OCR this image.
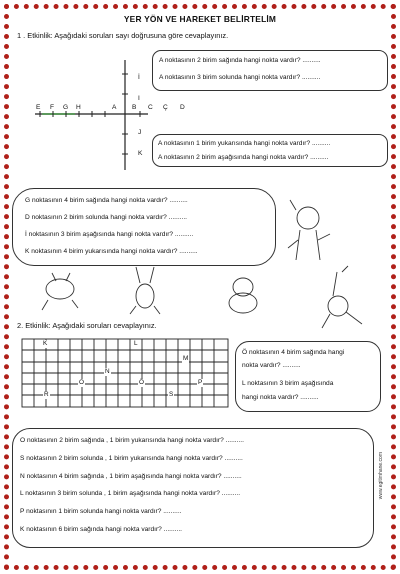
YER YÖN VE HAREKET BELİRTELİM
1 . Etkinlik: Aşağıdaki soruları sayı doğrusuna göre cevaplayınız.
İ
I
J
K
E F G H	A B C Ç D
A noktasının 2 birim sağında hangi nokta vardır? ..........
A noktasının 3 birim solunda hangi nokta vardır? ..........
A noktasının 1 birim yukarısında hangi nokta vardır? ..........
A noktasının 2 birim aşağısında hangi nokta vardır? ..........
G noktasının 4 birim sağında hangi nokta vardır? ..........
D noktasının 2 birim solunda hangi nokta vardır? ..........
İ noktasının 3 birim aşağısında hangi nokta vardır? ..........
K noktasının 4 birim yukarısında hangi nokta vardır? ..........
2. Etkinlik: Aşağıdaki soruları cevaplayınız.
K	L
M
N
O	Ö	P
R	S
Ö noktasının 4 birim sağında hangi
nokta vardır? ..........
L noktasının 3 birim aşağısında
hangi nokta vardır? ..........
O noktasının 2 birim sağında , 1 birim yukarısında hangi nokta vardır? ..........
S noktasının 2 birim solunda , 1 birim yukarısında hangi nokta vardır? ..........
N noktasının 4 birim sağında , 1 birim aşağısında hangi nokta vardır? ..........
L noktasının 3 birim solunda , 1 birim aşağısında hangi nokta vardır? ..........
P noktasının 1 birim solunda hangi nokta vardır? ..........
K noktasının 6 birim sağında hangi nokta vardır? ..........
www.egitimhane.com
